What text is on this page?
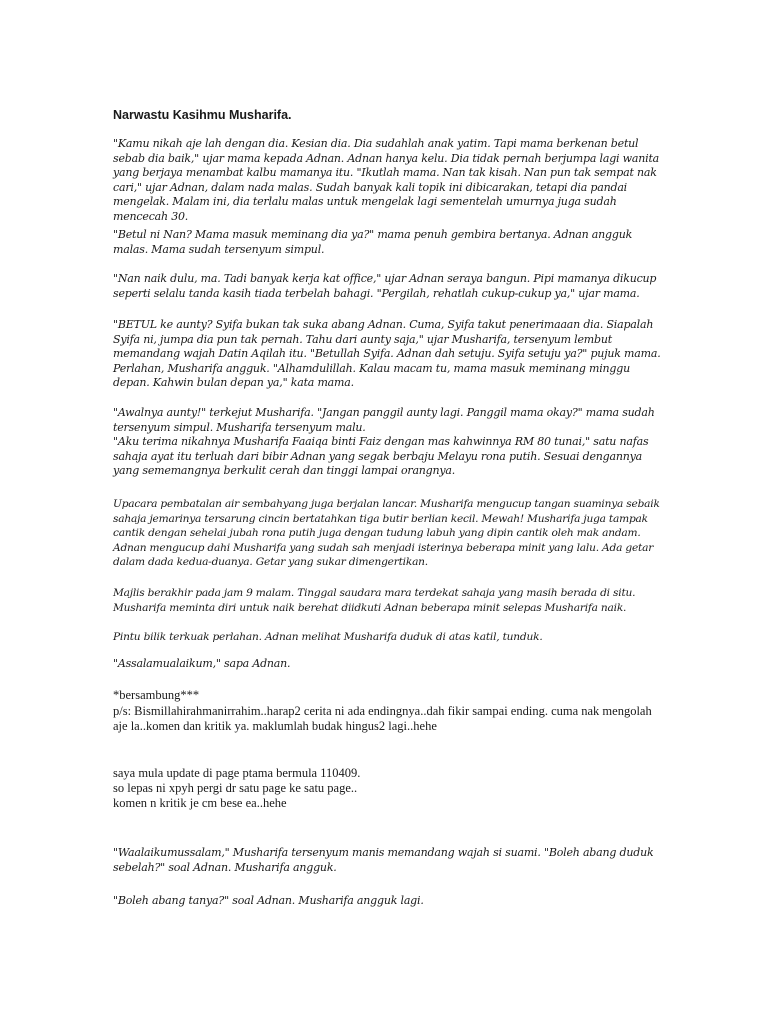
Narwastu Kasihmu Musharifa.

"Kamu nikah aje lah dengan dia. Kesian dia. Dia sudahlah anak yatim. Tapi mama berkenan betul sebab dia baik," ujar mama kepada Adnan. Adnan hanya kelu. Dia tidak pernah berjumpa lagi wanita yang berjaya menambat kalbu mamanya itu. "Ikutlah mama. Nan tak kisah. Nan pun tak sempat nak cari," ujar Adnan, dalam nada malas. Sudah banyak kali topik ini dibicarakan, tetapi dia pandai mengelak. Malam ini, dia terlalu malas untuk mengelak lagi sementelah umurnya juga sudah mencecah 30.

"Betul ni Nan? Mama masuk meminang dia ya?" mama penuh gembira bertanya. Adnan angguk malas. Mama sudah tersenyum simpul.

"Nan naik dulu, ma. Tadi banyak kerja kat office," ujar Adnan seraya bangun. Pipi mamanya dikucup seperti selalu tanda kasih tiada terbelah bahagi. "Pergilah, rehatlah cukup-cukup ya," ujar mama.

"BETUL ke aunty? Syifa bukan tak suka abang Adnan. Cuma, Syifa takut penerimaaan dia. Siapalah Syifa ni, jumpa dia pun tak pernah. Tahu dari aunty saja," ujar Musharifa, tersenyum lembut memandang wajah Datin Aqilah itu. "Betullah Syifa. Adnan dah setuju. Syifa setuju ya?" pujuk mama. Perlahan, Musharifa angguk. "Alhamdulillah. Kalau macam tu, mama masuk meminang minggu depan. Kahwin bulan depan ya," kata mama.

"Awalnya aunty!" terkejut Musharifa. "Jangan panggil aunty lagi. Panggil mama okay?" mama sudah tersenyum simpul. Musharifa tersenyum malu.

"Aku terima nikahnya Musharifa Faaiqa binti Faiz dengan mas kahwinnya RM 80 tunai," satu nafas sahaja ayat itu terluah dari bibir Adnan yang segak berbaju Melayu rona putih. Sesuai dengannya yang sememangnya berkulit cerah dan tinggi lampai orangnya.

Upacara pembatalan air sembahyang juga berjalan lancar. Musharifa mengucup tangan suaminya sebaik sahaja jemarinya tersarung cincin bertatahkan tiga butir berlian kecil. Mewah! Musharifa juga tampak cantik dengan sehelai jubah rona putih juga dengan tudung labuh yang dipin cantik oleh mak andam. Adnan mengucup dahi Musharifa yang sudah sah menjadi isterinya beberapa minit yang lalu. Ada getar dalam dada kedua-duanya. Getar yang sukar dimengertikan.

Majlis berakhir pada jam 9 malam. Tinggal saudara mara terdekat sahaja yang masih berada di situ. Musharifa meminta diri untuk naik berehat diidkuti Adnan beberapa minit selepas Musharifa naik.

Pintu bilik terkuak perlahan. Adnan melihat Musharifa duduk di atas katil, tunduk.

"Assalamualaikum," sapa Adnan.

*bersambung***

p/s: Bismillahirahmanirrahim..harap2 cerita ni ada endingnya..dah fikir sampai ending. cuma nak mengolah aje la..komen dan kritik ya. maklumlah budak hingus2 lagi..hehe

saya mula update di page ptama bermula 110409.

so lepas ni xpyh pergi dr satu page ke satu page..

komen n kritik je cm bese ea..hehe

"Waalaikumussalam," Musharifa tersenyum manis memandang wajah si suami. "Boleh abang duduk sebelah?" soal Adnan. Musharifa angguk.

"Boleh abang tanya?" soal Adnan. Musharifa angguk lagi.
